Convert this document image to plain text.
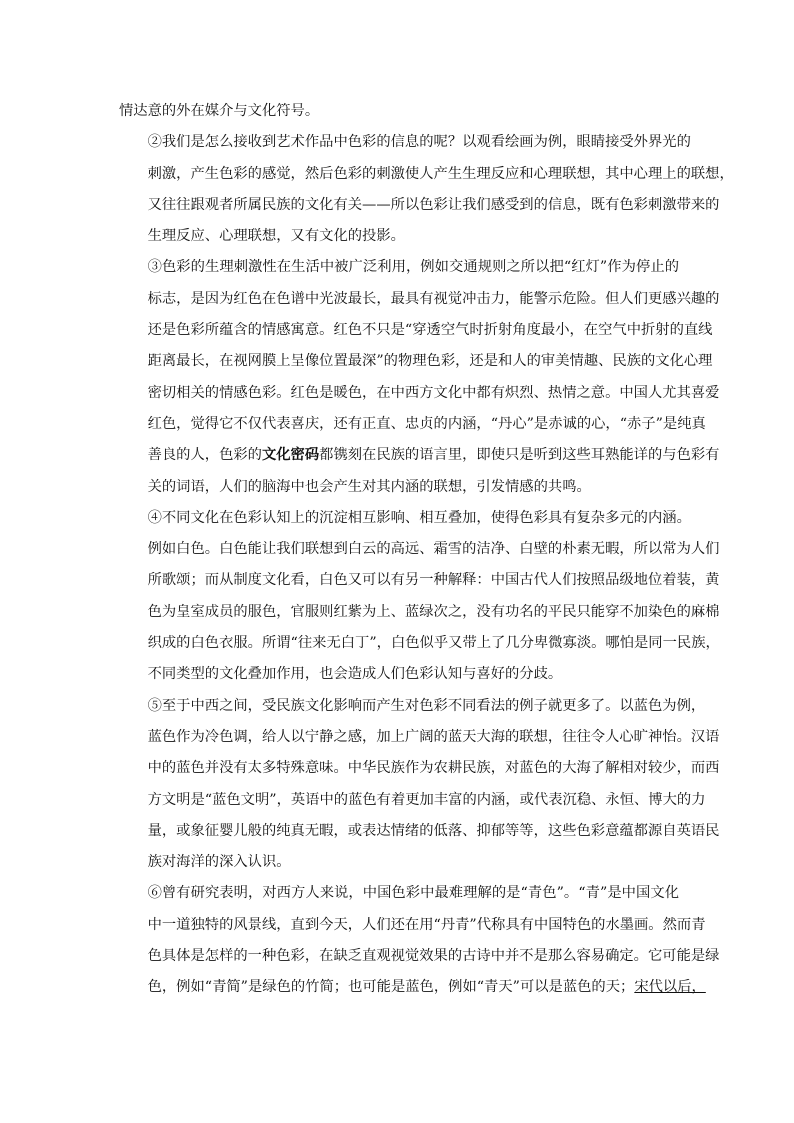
情达意的外在媒介与文化符号。
②我们是怎么接收到艺术作品中色彩的信息的呢？以观看绘画为例，眼睛接受外界光的
刺激，产生色彩的感觉，然后色彩的刺激使人产生生理反应和心理联想，其中心理上的联想，
又往往跟观者所属民族的文化有关——所以色彩让我们感受到的信息，既有色彩刺激带来的
生理反应、心理联想，又有文化的投影。
③色彩的生理刺激性在生活中被广泛利用，例如交通规则之所以把“红灯”作为停止的
标志，是因为红色在色谱中光波最长，最具有视觉冲击力，能警示危险。但人们更感兴趣的
还是色彩所蕴含的情感寓意。红色不只是“穿透空气时折射角度最小，在空气中折射的直线
距离最长，在视网膜上呈像位置最深”的物理色彩，还是和人的审美情趣、民族的文化心理
密切相关的情感色彩。红色是暖色，在中西方文化中都有炽烈、热情之意。中国人尤其喜爱
红色，觉得它不仅代表喜庆，还有正直、忠贞的内涵，“丹心”是赤诚的心，“赤子”是纯真
善良的人，色彩的文化密码都镌刻在民族的语言里，即使只是听到这些耳熟能详的与色彩有
关的词语，人们的脑海中也会产生对其内涵的联想，引发情感的共鸣。
④不同文化在色彩认知上的沉淀相互影响、相互叠加，使得色彩具有复杂多元的内涵。
例如白色。白色能让我们联想到白云的高远、霜雪的洁净、白壁的朴素无暇，所以常为人们
所歌颂；而从制度文化看，白色又可以有另一种解释：中国古代人们按照品级地位着装，黄
色为皇室成员的服色，官服则红紫为上、蓝绿次之，没有功名的平民只能穿不加染色的麻棉
织成的白色衣服。所谓“往来无白丁”，白色似乎又带上了几分卑微寡淡。哪怕是同一民族，
不同类型的文化叠加作用，也会造成人们色彩认知与喜好的分歧。
⑤至于中西之间，受民族文化影响而产生对色彩不同看法的例子就更多了。以蓝色为例，
蓝色作为冷色调，给人以宁静之感，加上广阔的蓝天大海的联想，往往令人心旷神怡。汉语
中的蓝色并没有太多特殊意味。中华民族作为农耕民族，对蓝色的大海了解相对较少，而西
方文明是“蓝色文明”，英语中的蓝色有着更加丰富的内涵，或代表沉稳、永恒、博大的力
量，或象征婴儿般的纯真无暇，或表达情绪的低落、抑郁等等，这些色彩意蕴都源自英语民
族对海洋的深入认识。
⑥曾有研究表明，对西方人来说，中国色彩中最难理解的是“青色”。“青”是中国文化
中一道独特的风景线，直到今天，人们还在用“丹青”代称具有中国特色的水墨画。然而青
色具体是怎样的一种色彩，在缺乏直观视觉效果的古诗中并不是那么容易确定。它可能是绿
色，例如“青简”是绿色的竹简；也可能是蓝色，例如“青天”可以是蓝色的天；宋代以后，
